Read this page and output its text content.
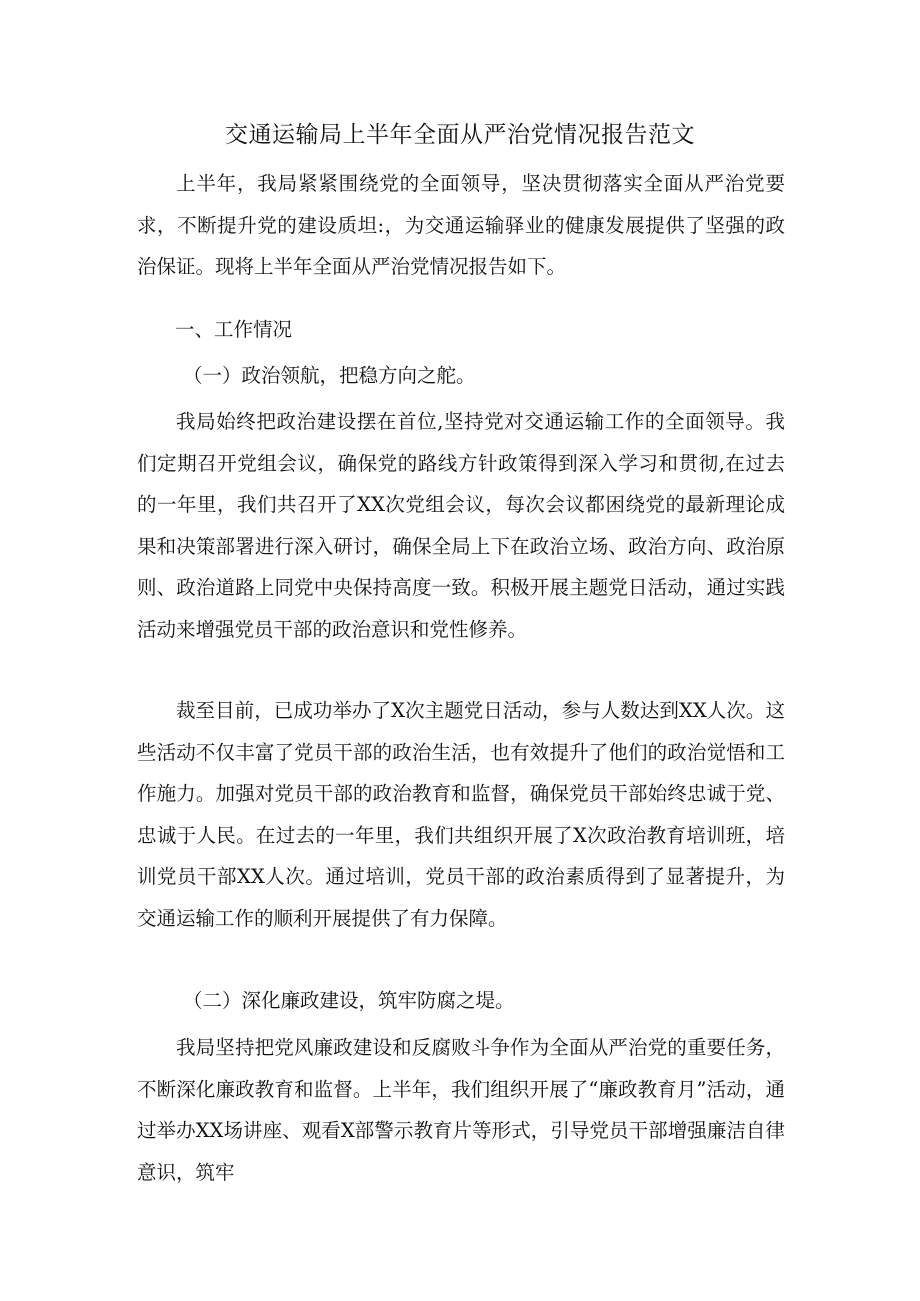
交通运输局上半年全面从严治党情况报告范文

上半年，我局紧紧围绕党的全面领导，坚决贯彻落实全面从严治党要求，不断提升党的建设质坦:，为交通运输驿业的健康发展提供了坚强的政治保证。现将上半年全面从严治党情况报告如下。

一、工作情况

（一）政治领航，把稳方向之舵。

我局始终把政治建设摆在首位,坚持党对交通运输工作的全面领导。我们定期召开党组会议，确保党的路线方针政策得到深入学习和贯彻,在过去的一年里，我们共召开了XX次党组会议，每次会议都困绕党的最新理论成果和决策部署进行深入研讨，确保全局上下在政治立场、政治方向、政治原则、政治道路上同党中央保持高度一致。积极开展主题党日活动，通过实践活动来增强党员干部的政治意识和党性修养。

裁至目前，已成功举办了X次主题党日活动，参与人数达到XX人次。这些活动不仅丰富了党员干部的政治生活，也有效提升了他们的政治觉悟和工作施力。加强对党员干部的政治教育和监督，确保党员干部始终忠诚于党、忠诚于人民。在过去的一年里，我们共组织开展了X次政治教育培训班，培训党员干部XX人次。通过培训，党员干部的政治素质得到了显著提升，为交通运输工作的顺利开展提供了有力保障。

（二）深化廉政建设，筑牢防腐之堤。

我局坚持把党风廉政建设和反腐败斗争作为全面从严治党的重要任务，不断深化廉政教育和监督。上半年，我们组织开展了“廉政教育月”活动，通过举办XX场讲座、观看X部警示教育片等形式，引导党员干部增强廉洁自律意识，筑牢
